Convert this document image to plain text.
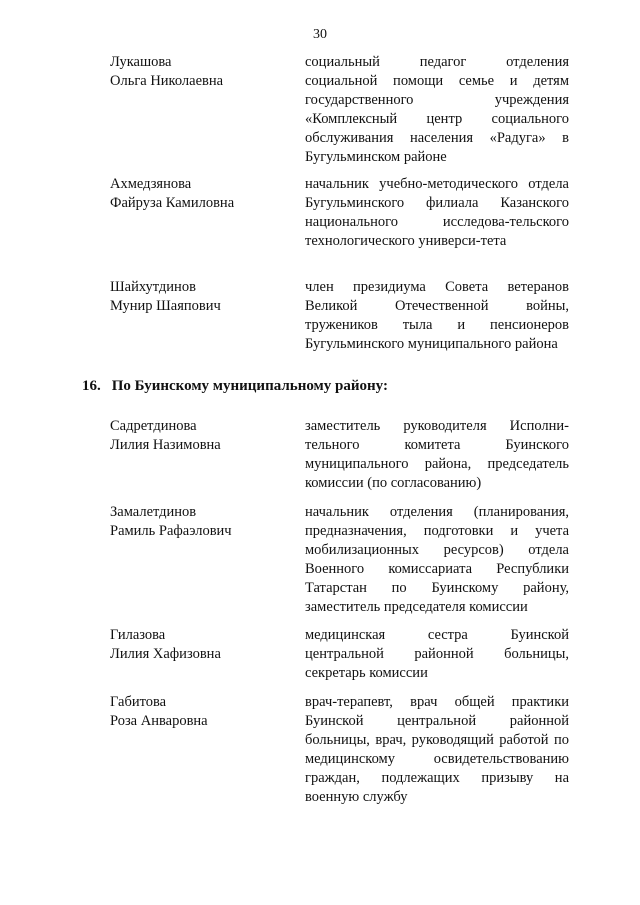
30
Лукашова
Ольга Николаевна
социальный педагог отделения социальной помощи семье и детям государственного учреждения «Комплексный центр социального обслуживания населения «Радуга» в Бугульминском районе
Ахмедзянова
Файруза Камиловна
начальник учебно-методического отдела Бугульминского филиала Казанского национального исследова-тельского технологического универси-тета
Шайхутдинов
Мунир Шаяпович
член президиума Совета ветеранов Великой Отечественной войны, тружеников тыла и пенсионеров Бугульминского муниципального района
16. По Буинскому муниципальному району:
Садретдинова
Лилия Назимовна
заместитель руководителя Исполни-тельного комитета Буинского муниципального района, председатель комиссии (по согласованию)
Замалетдинов
Рамиль Рафаэлович
начальник отделения (планирования, предназначения, подготовки и учета мобилизационных ресурсов) отдела Военного комиссариата Республики Татарстан по Буинскому району, заместитель председателя комиссии
Гилазова
Лилия Хафизовна
медицинская сестра Буинской центральной районной больницы, секретарь комиссии
Габитова
Роза Анваровна
врач-терапевт, врач общей практики Буинской центральной районной больницы, врач, руководящий работой по медицинскому освидетельствованию граждан, подлежащих призыву на военную службу
